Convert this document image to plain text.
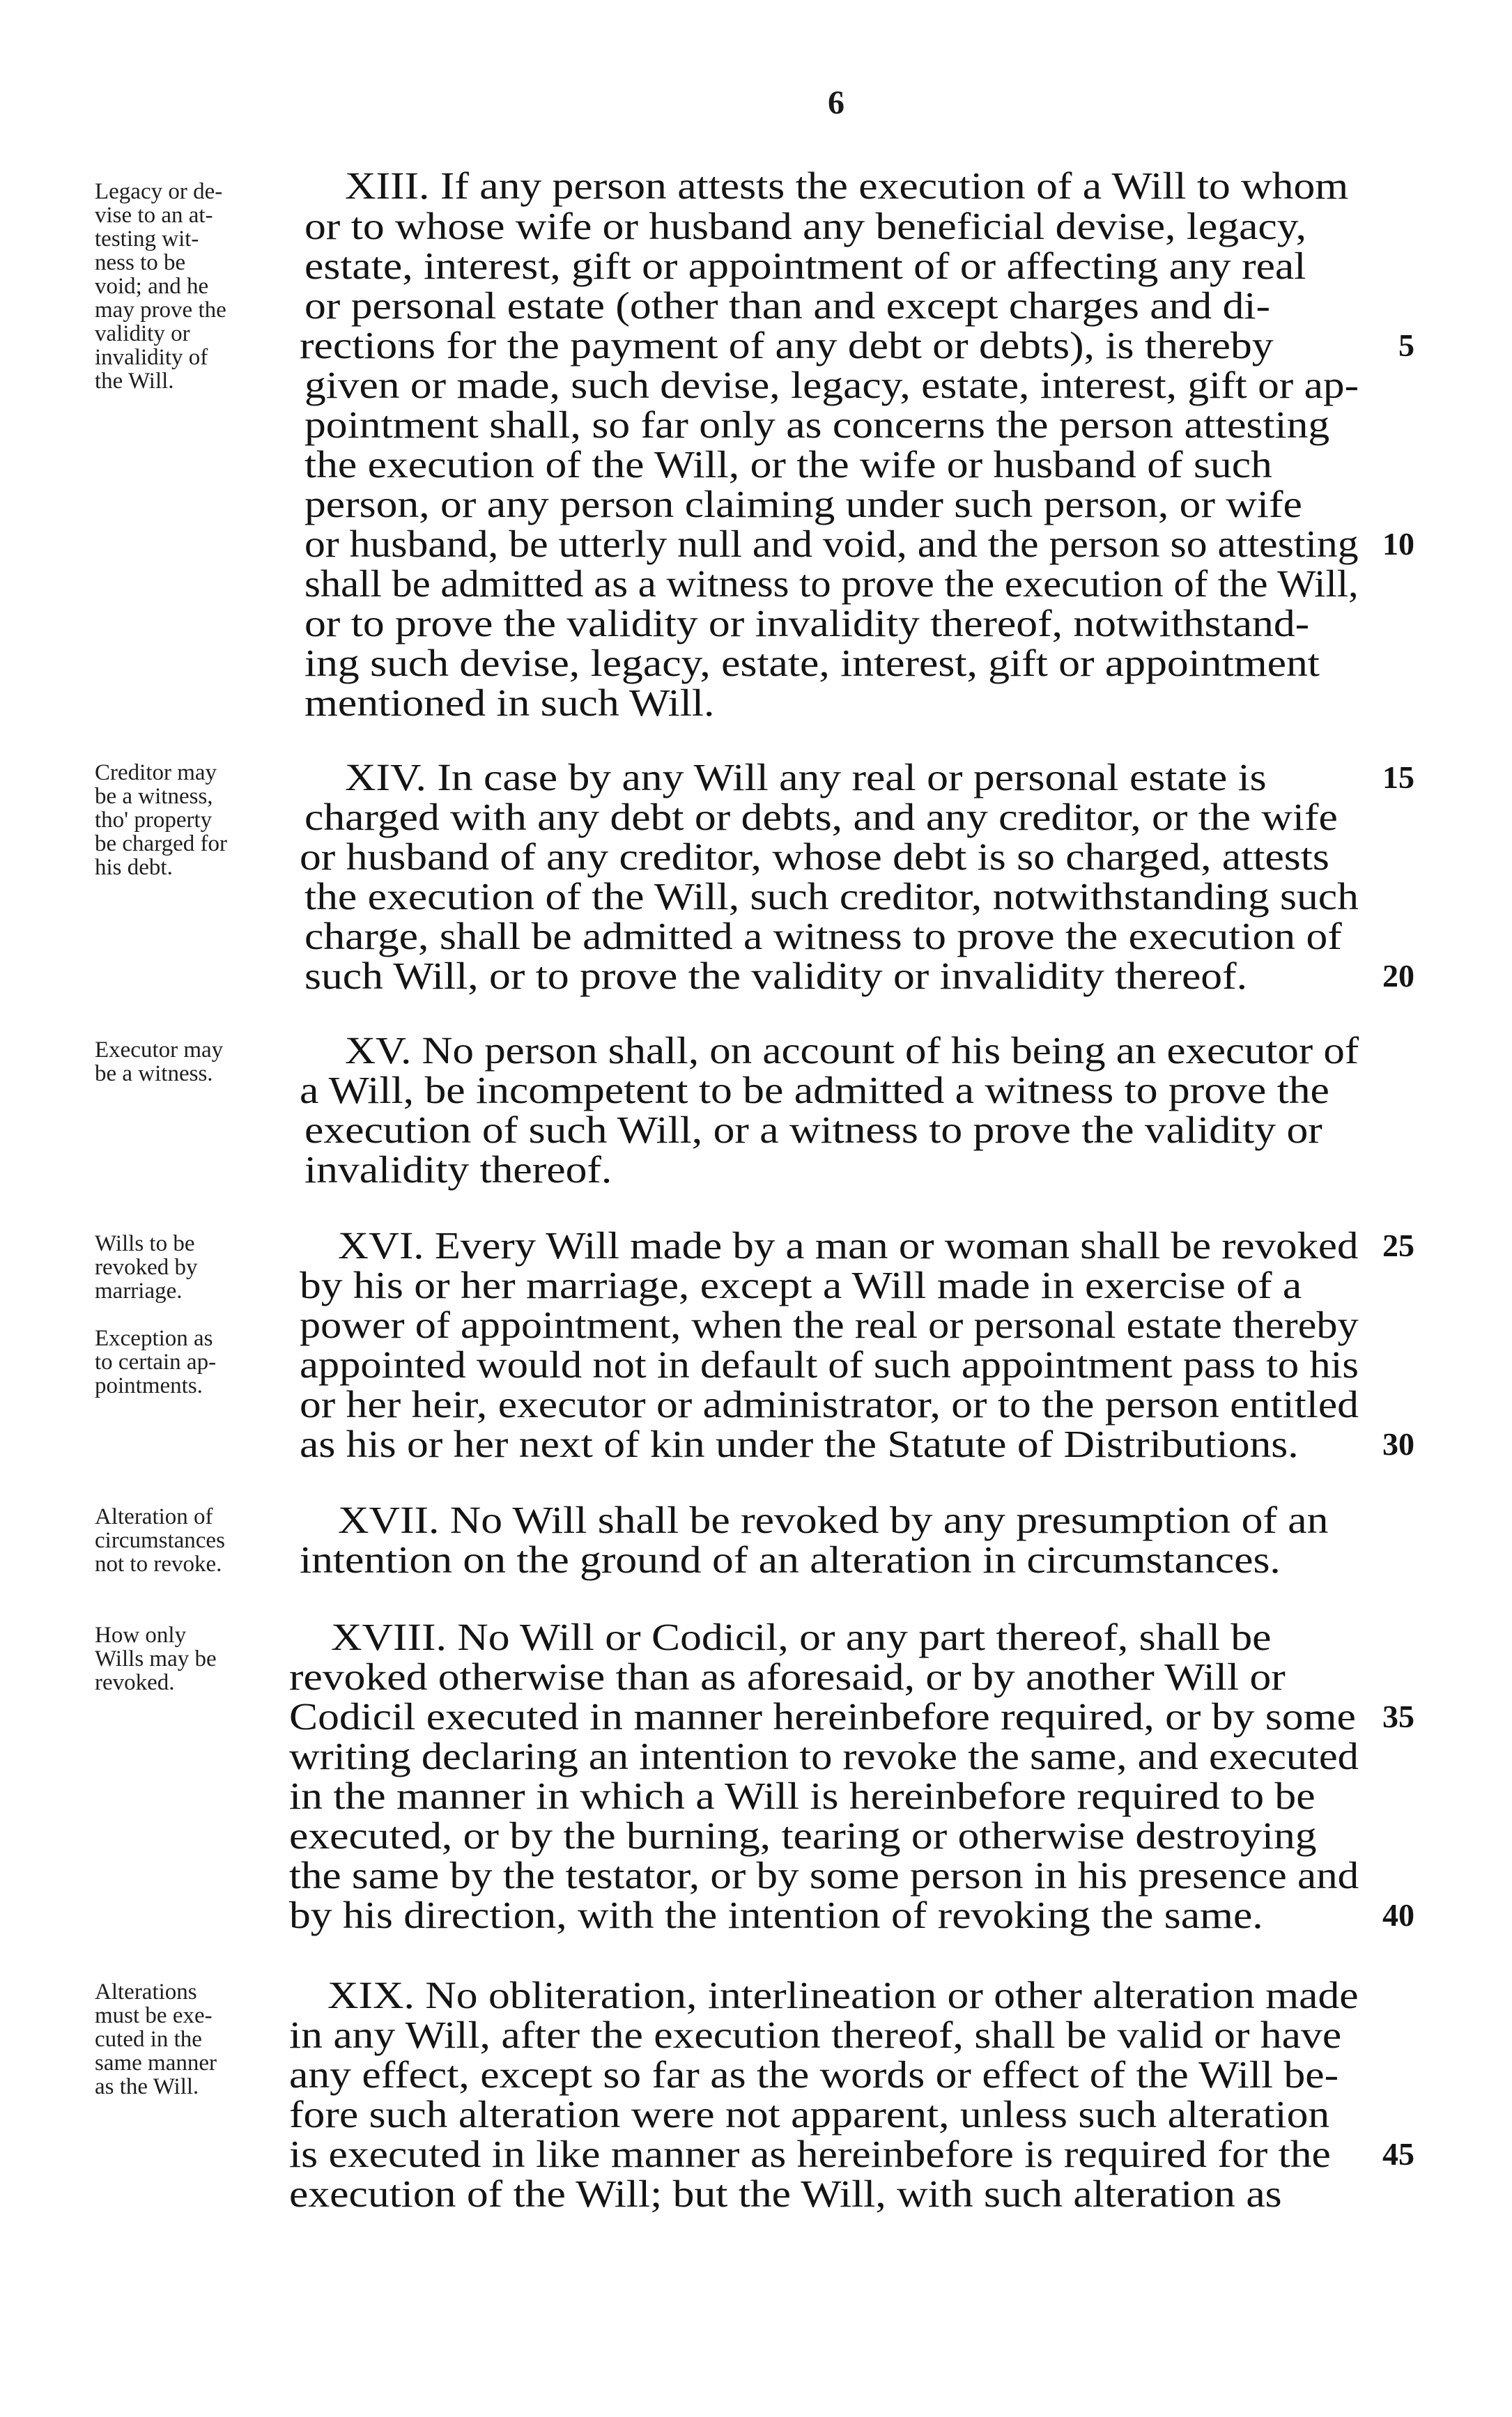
6
Legacy or de-
vise to an at-
testing wit-
ness to be
void; and he
may prove the
validity or
invalidity of
the Will.
XIII. If any person attests the execution of a Will to whom
or to whose wife or husband any beneficial devise, legacy,
estate, interest, gift or appointment of or affecting any real
or personal estate (other than and except charges and di-
rections for the payment of any debt or debts), is thereby
given or made, such devise, legacy, estate, interest, gift or ap-
pointment shall, so far only as concerns the person attesting
the execution of the Will, or the wife or husband of such
person, or any person claiming under such person, or wife
or husband, be utterly null and void, and the person so attesting
shall be admitted as a witness to prove the execution of the Will,
or to prove the validity or invalidity thereof, notwithstand-
ing such devise, legacy, estate, interest, gift or appointment
mentioned in such Will.
Creditor may
be a witness,
tho' property
be charged for
his debt.
XIV. In case by any Will any real or personal estate is
charged with any debt or debts, and any creditor, or the wife
or husband of any creditor, whose debt is so charged, attests
the execution of the Will, such creditor, notwithstanding such
charge, shall be admitted a witness to prove the execution of
such Will, or to prove the validity or invalidity thereof.
Executor may
be a witness.
XV. No person shall, on account of his being an executor of
a Will, be incompetent to be admitted a witness to prove the
execution of such Will, or a witness to prove the validity or
invalidity thereof.
Wills to be
revoked by
marriage.

Exception as
to certain ap-
pointments.
XVI. Every Will made by a man or woman shall be revoked
by his or her marriage, except a Will made in exercise of a
power of appointment, when the real or personal estate thereby
appointed would not in default of such appointment pass to his
or her heir, executor or administrator, or to the person entitled
as his or her next of kin under the Statute of Distributions.
Alteration of
circumstances
not to revoke.
XVII. No Will shall be revoked by any presumption of an
intention on the ground of an alteration in circumstances.
How only
Wills may be
revoked.
XVIII. No Will or Codicil, or any part thereof, shall be
revoked otherwise than as aforesaid, or by another Will or
Codicil executed in manner hereinbefore required, or by some
writing declaring an intention to revoke the same, and executed
in the manner in which a Will is hereinbefore required to be
executed, or by the burning, tearing or otherwise destroying
the same by the testator, or by some person in his presence and
by his direction, with the intention of revoking the same.
Alterations
must be exe-
cuted in the
same manner
as the Will.
XIX. No obliteration, interlineation or other alteration made
in any Will, after the execution thereof, shall be valid or have
any effect, except so far as the words or effect of the Will be-
fore such alteration were not apparent, unless such alteration
is executed in like manner as hereinbefore is required for the
execution of the Will; but the Will, with such alteration as
5
10
15
20
25
30
35
40
45
